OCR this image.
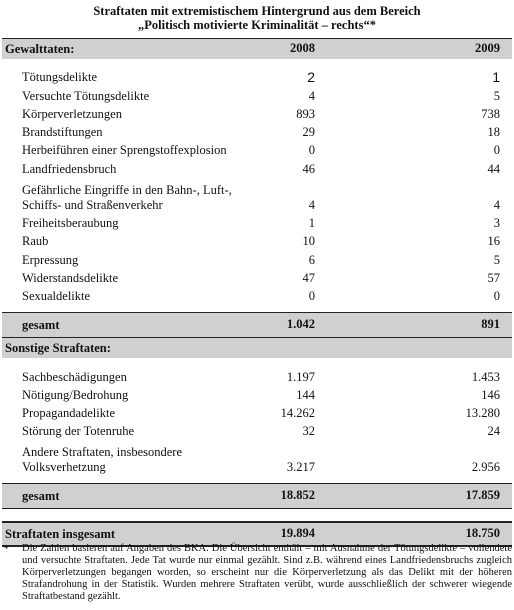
Straftaten mit extremistischem Hintergrund aus dem Bereich
„Politisch motivierte Kriminalität – rechts“*
Gewalttaten:	2008	2009
Tötungsdelikte	2	1
Versuchte Tötungsdelikte	4	5
Körperverletzungen	893	738
Brandstiftungen	29	18
Herbeiführen einer Sprengstoffexplosion	0	0
Landfriedensbruch	46	44
Gefährliche Eingriffe in den Bahn-, Luft-,
Schiffs- und Straßenverkehr	4	4
Freiheitsberaubung	1	3
Raub	10	16
Erpressung	6	5
Widerstandsdelikte	47	57
Sexualdelikte	0	0
gesamt	1.042	891
Sonstige Straftaten:
Sachbeschädigungen	1.197	1.453
Nötigung/Bedrohung	144	146
Propagandadelikte	14.262	13.280
Störung der Totenruhe	32	24
Andere Straftaten, insbesondere
Volksverhetzung	3.217	2.956
gesamt	18.852	17.859
Straftaten insgesamt	19.894	18.750
*	Die Zahlen basieren auf Angaben des BKA. Die Übersicht enthält – mit Ausnahme der Tötungsdelikte – vollendete und versuchte Straftaten. Jede Tat wurde nur einmal gezählt. Sind z.B. während eines Landfriedensbruchs zugleich Körperverletzungen begangen worden, so erscheint nur die Körperverletzung als das Delikt mit der höheren Strafandrohung in der Statistik. Wurden mehrere Straftaten verübt, wurde ausschließlich der schwerer wiegende Straftatbestand gezählt.
